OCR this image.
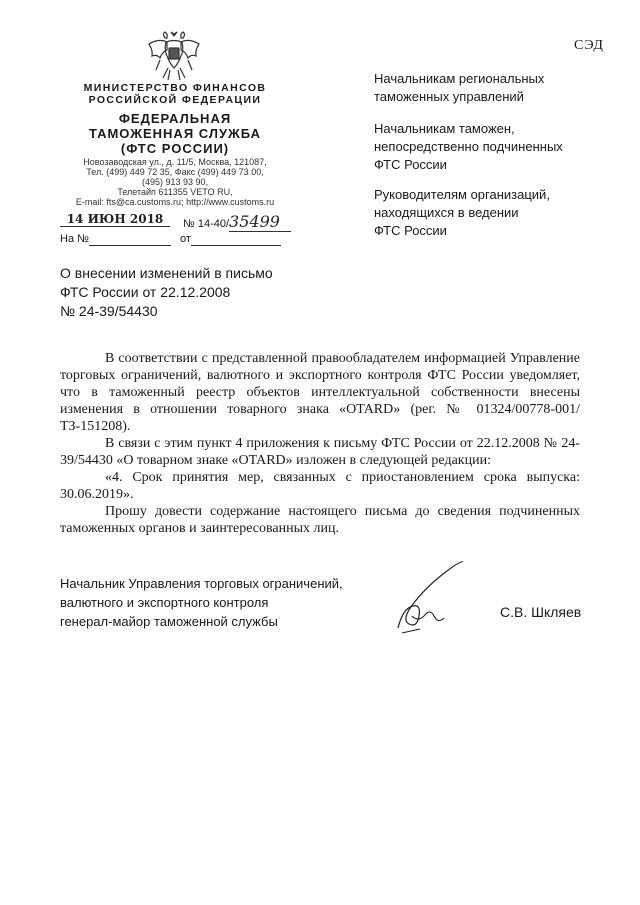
СЭД
МИНИСТЕРСТВО ФИНАНСОВ
РОССИЙСКОЙ ФЕДЕРАЦИИ
ФЕДЕРАЛЬНАЯ
ТАМОЖЕННАЯ СЛУЖБА
(ФТС РОССИИ)
Новозаводская ул., д. 11/5, Москва, 121087,
Тел. (499) 449 72 35, Факс (499) 449 73 00,
(495) 913 93 90,
Телетайп 611355 VETO RU,
E-mail: fts@ca.customs.ru; http://www.customs.ru
14 ИЮН 2018	№ 14-40/35499
На №	от
Начальникам региональных
таможенных управлений
Начальникам таможен,
непосредственно подчиненных
ФТС России
Руководителям организаций,
находящихся в ведении
ФТС России
О внесении изменений в письмо
ФТС России от 22.12.2008
№ 24-39/54430

В соответствии с представленной правообладателем информацией Управление торговых ограничений, валютного и экспортного контроля ФТС России уведомляет, что в таможенный реестр объектов интеллектуальной собственности внесены изменения в отношении товарного знака «OTARD» (рег. № 01324/00778-001/ТЗ-151208).

В связи с этим пункт 4 приложения к письму ФТС России от 22.12.2008 № 24-39/54430 «О товарном знаке «OTARD» изложен в следующей редакции:

«4. Срок принятия мер, связанных с приостановлением срока выпуска: 30.06.2019».

Прошу довести содержание настоящего письма до сведения подчиненных таможенных органов и заинтересованных лиц.

Начальник Управления торговых ограничений,
валютного и экспортного контроля
генерал-майор таможенной службы
С.В. Шкляев
